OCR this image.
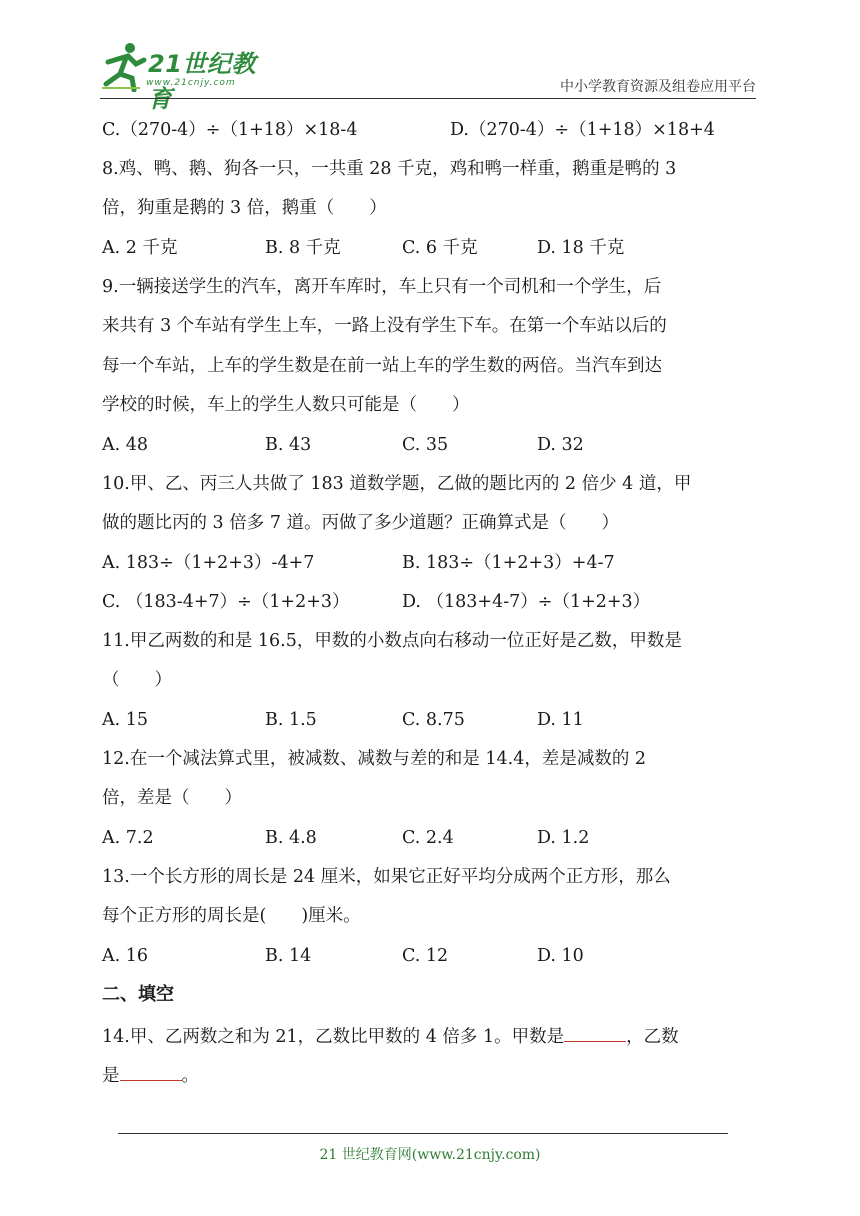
21世纪教育
www.21cnjy.com	中小学教育资源及组卷应用平台
C.（270-4）÷（1+18）×18-4	D.（270-4）÷（1+18）×18+4
8.鸡、鸭、鹅、狗各一只，一共重 28 千克，鸡和鸭一样重，鹅重是鸭的 3
倍，狗重是鹅的 3 倍，鹅重（　　）
A. 2 千克	B. 8 千克	C. 6 千克	D. 18 千克
9.一辆接送学生的汽车，离开车库时，车上只有一个司机和一个学生，后
来共有 3 个车站有学生上车，一路上没有学生下车。在第一个车站以后的
每一个车站，上车的学生数是在前一站上车的学生数的两倍。当汽车到达
学校的时候，车上的学生人数只可能是（　　）
A. 48	B. 43	C. 35	D. 32
10.甲、乙、丙三人共做了 183 道数学题，乙做的题比丙的 2 倍少 4 道，甲
做的题比丙的 3 倍多 7 道。丙做了多少道题？正确算式是（　　）
A. 183÷（1+2+3）-4+7	B. 183÷（1+2+3）+4-7
C. （183-4+7）÷（1+2+3）	D. （183+4-7）÷（1+2+3）
11.甲乙两数的和是 16.5，甲数的小数点向右移动一位正好是乙数，甲数是
（　　）
A. 15	B. 1.5	C. 8.75	D. 11
12.在一个减法算式里，被减数、减数与差的和是 14.4，差是减数的 2
倍，差是（　　）
A. 7.2	B. 4.8	C. 2.4	D. 1.2
13.一个长方形的周长是 24 厘米，如果它正好平均分成两个正方形，那么
每个正方形的周长是(　　)厘米。
A. 16	B. 14	C. 12	D. 10
二、填空
14.甲、乙两数之和为 21，乙数比甲数的 4 倍多 1。甲数是	，乙数
是	。
21 世纪教育网(www.21cnjy.com)
